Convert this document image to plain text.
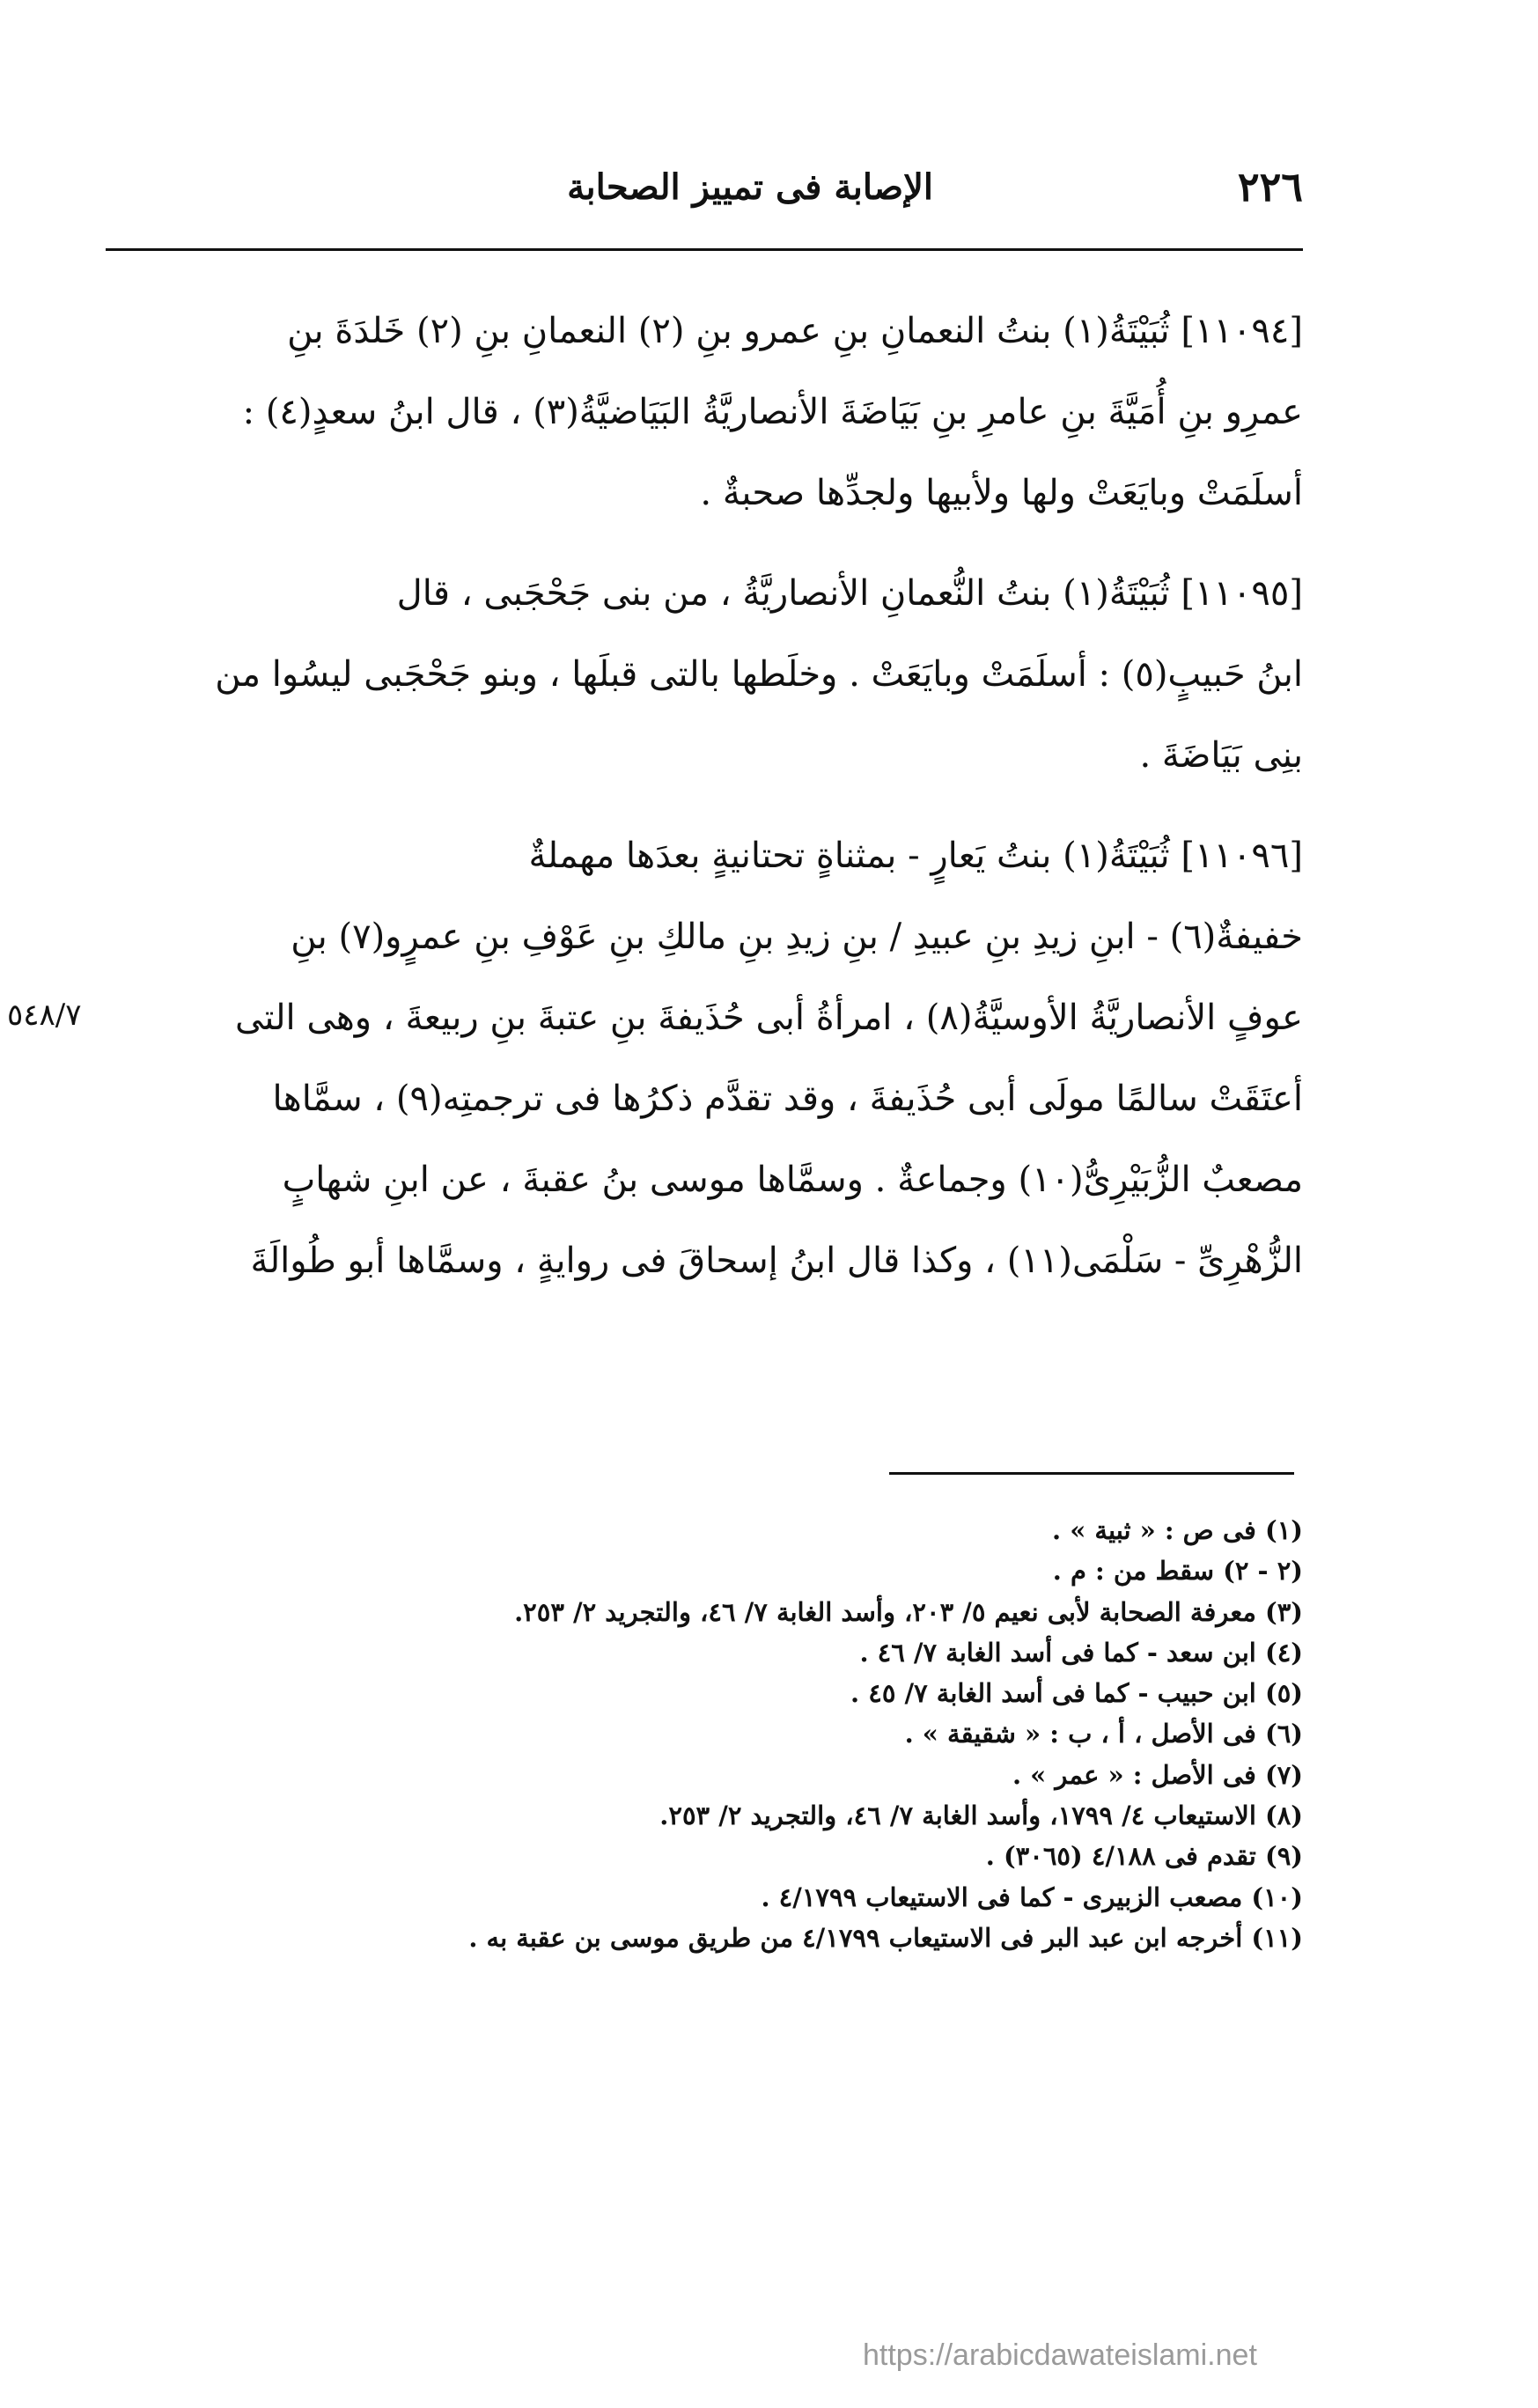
٢٢٦
الإصابة فى تمييز الصحابة
٥٤٨/٧
[١١٠٩٤] ثُبَيْتَةُ(١) بنتُ النعمانِ بنِ عمرو بنِ (٢) النعمانِ بنِ (٢) خَلدَةَ بنِ
عمرِو بنِ أُمَيَّةَ بنِ عامرِ بنِ بَيَاضَةَ الأنصاريَّةُ البَيَاضيَّةُ(٣) ، قال ابنُ سعدٍ(٤) :
أسلَمَتْ وبايَعَتْ ولها ولأبيها ولجدِّها صحبةٌ .
[١١٠٩٥] ثُبَيْتَةُ(١) بنتُ النُّعمانِ الأنصاريَّةُ ، من بنى جَحْجَبى ، قال
ابنُ حَبيبٍ(٥) : أسلَمَتْ وبايَعَتْ . وخلَطها بالتى قبلَها ، وبنو جَحْجَبى ليسُوا من
بنِى بَيَاضَةَ .
[١١٠٩٦] ثُبَيْتَةُ(١) بنتُ يَعارٍ - بمثناةٍ تحتانيةٍ بعدَها مهملةٌ
خفيفةٌ(٦) - ابنِ زيدِ بنِ عبيدِ / بنِ زيدِ بنِ مالكِ بنِ عَوْفِ بنِ عمرٍو(٧) بنِ
عوفٍ الأنصاريَّةُ الأوسيَّةُ(٨) ، امرأةُ أبى حُذَيفةَ بنِ عتبةَ بنِ ربيعةَ ، وهى التى
أعتَقَتْ سالمًا مولَى أبى حُذَيفةَ ، وقد تقدَّم ذكرُها فى ترجمتِه(٩) ، سمَّاها
مصعبٌ الزُّبَيْرِىُّ(١٠) وجماعةٌ . وسمَّاها موسى بنُ عقبةَ ، عن ابنِ شهابٍ
الزُّهْرِىِّ - سَلْمَى(١١) ، وكذا قال ابنُ إسحاقَ فى روايةٍ ، وسمَّاها أبو طُوالَةَ
(١) فى ص : « ثبية » .
(٢ - ٢) سقط من : م .
(٣) معرفة الصحابة لأبى نعيم ٥/ ٢٠٣، وأسد الغابة ٧/ ٤٦، والتجريد ٢/ ٢٥٣.
(٤) ابن سعد - كما فى أسد الغابة ٧/ ٤٦ .
(٥) ابن حبيب - كما فى أسد الغابة ٧/ ٤٥ .
(٦) فى الأصل ، أ ، ب : « شقيقة » .
(٧) فى الأصل : « عمر » .
(٨) الاستيعاب ٤/ ١٧٩٩، وأسد الغابة ٧/ ٤٦، والتجريد ٢/ ٢٥٣.
(٩) تقدم فى ٤/١٨٨ (٣٠٦٥) .
(١٠) مصعب الزبيرى - كما فى الاستيعاب ٤/١٧٩٩ .
(١١) أخرجه ابن عبد البر فى الاستيعاب ٤/١٧٩٩ من طريق موسى بن عقبة به .
https://arabicdawateislami.net
